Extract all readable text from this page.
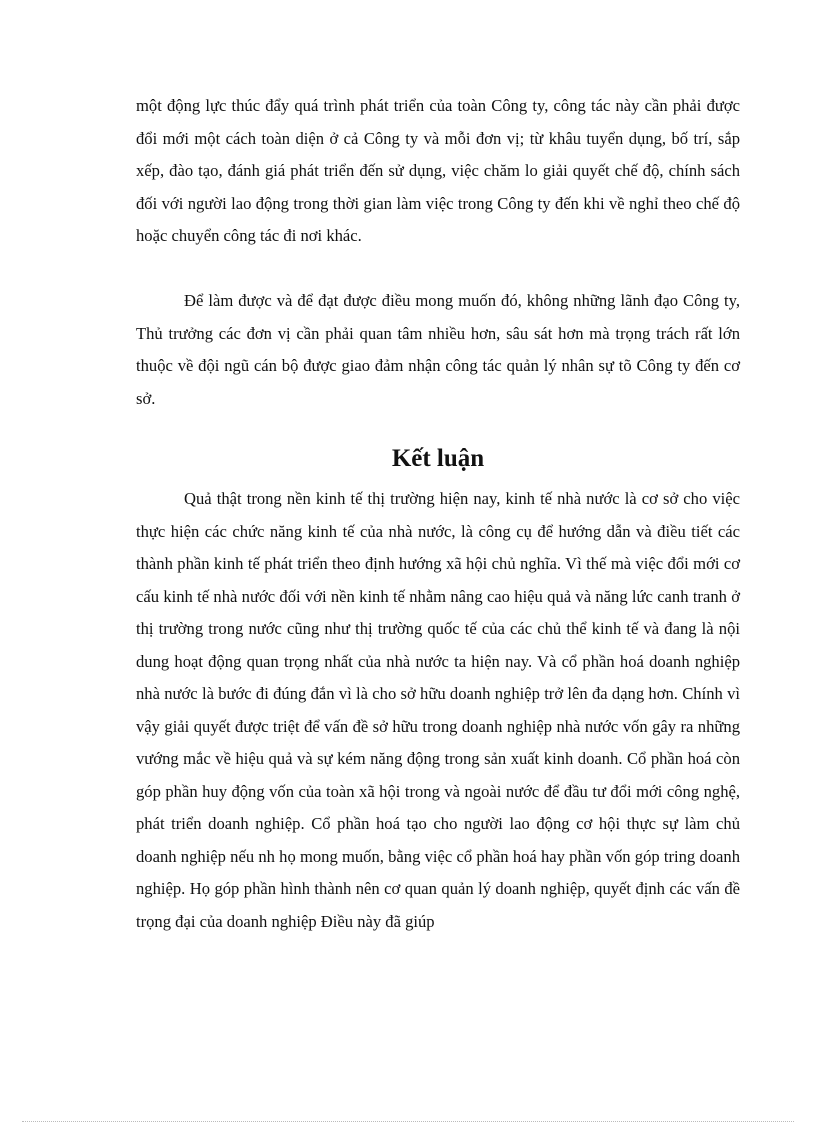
một động lực thúc đẩy quá trình phát triển của toàn Công ty, công tác này cần phải được đổi mới một cách toàn diện ở cả Công ty và mỗi đơn vị; từ khâu tuyển dụng, bố trí, sắp xếp, đào tạo, đánh giá phát triển đến sử dụng, việc chăm lo giải quyết chế độ, chính sách đối với người lao động trong thời gian làm việc trong Công ty đến khi về nghỉ theo chế độ hoặc chuyển công tác đi nơi khác.

Để làm được và để đạt được điều mong muốn đó, không những lãnh đạo Công ty, Thủ trưởng các đơn vị cần phải quan tâm nhiều hơn, sâu sát hơn mà trọng trách rất lớn thuộc về đội ngũ cán bộ được giao đảm nhận công tác quản lý nhân sự tõ Công ty đến cơ sở.

Kết luận

Quả thật trong nền kinh tế thị trường hiện nay, kinh tế nhà nước là cơ sở cho việc thực hiện các chức năng kinh tế của nhà nước, là công cụ để hướng dẫn và điều tiết các thành phần kinh tế phát triển theo định hướng xã hội chủ nghĩa. Vì thế mà việc đổi mới cơ cấu kinh tế nhà nước đối với nền kinh tế nhằm nâng cao hiệu quả và năng lức canh tranh ở thị trường trong nước cũng như thị trường quốc tế của các chủ thể kinh tế và đang là nội dung hoạt động quan trọng nhất của nhà nước ta hiện nay. Và cổ phần hoá doanh nghiệp nhà nước là bước đi đúng đắn vì là cho sở hữu doanh nghiệp trở lên đa dạng hơn. Chính vì vậy giải quyết được triệt để vấn đề sở hữu trong doanh nghiệp nhà nước vốn gây ra những vướng mắc về hiệu quả và sự kém năng động trong sản xuất kinh doanh. Cổ phần hoá còn góp phần huy động vốn của toàn xã hội trong và ngoài nước để đầu tư đổi mới công nghệ, phát triển doanh nghiệp. Cổ phần hoá tạo cho người lao động cơ hội thực sự làm chủ doanh nghiệp nếu nh họ mong muốn, bằng việc cổ phần hoá hay phần vốn góp tring doanh nghiệp. Họ góp phần hình thành nên cơ quan quản lý doanh nghiệp, quyết định các vấn đề trọng đại của doanh nghiệp Điều này đã giúp
